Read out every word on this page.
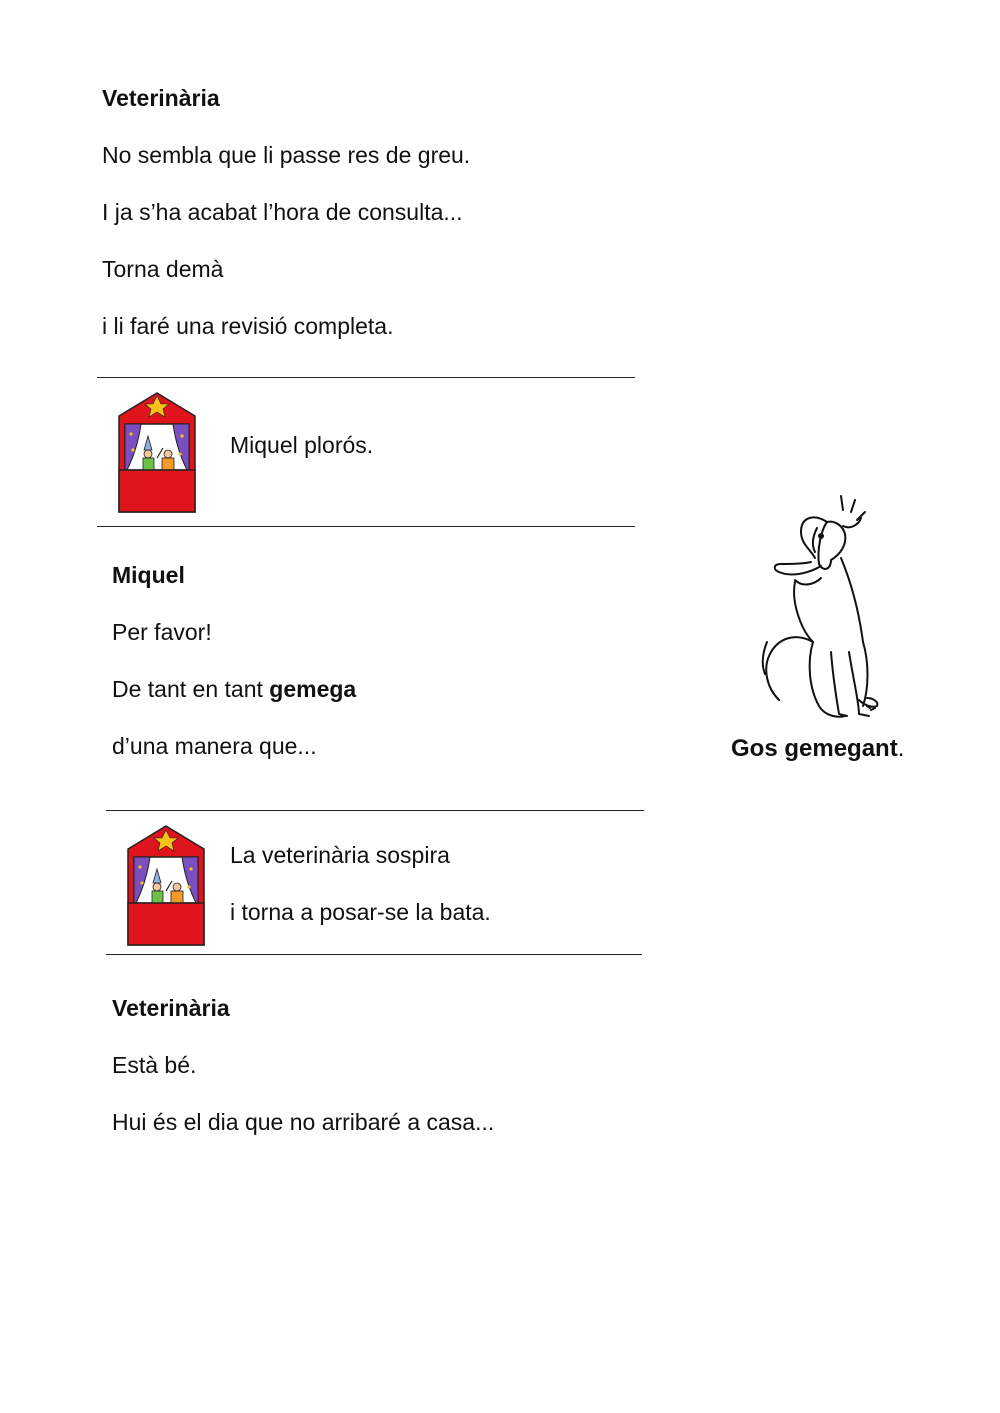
Veterinària

No sembla que li passe res de greu.

I ja s’ha acabat l’hora de consulta...

Torna demà

i li faré una revisió completa.

Miquel plorós.

Miquel

Per favor!

De tant en tant gemega

d’una manera que...	Gos gemegant.

La veterinària sospira

i torna a posar-se la bata.

Veterinària

Està bé.

Hui és el dia que no arribaré a casa...
